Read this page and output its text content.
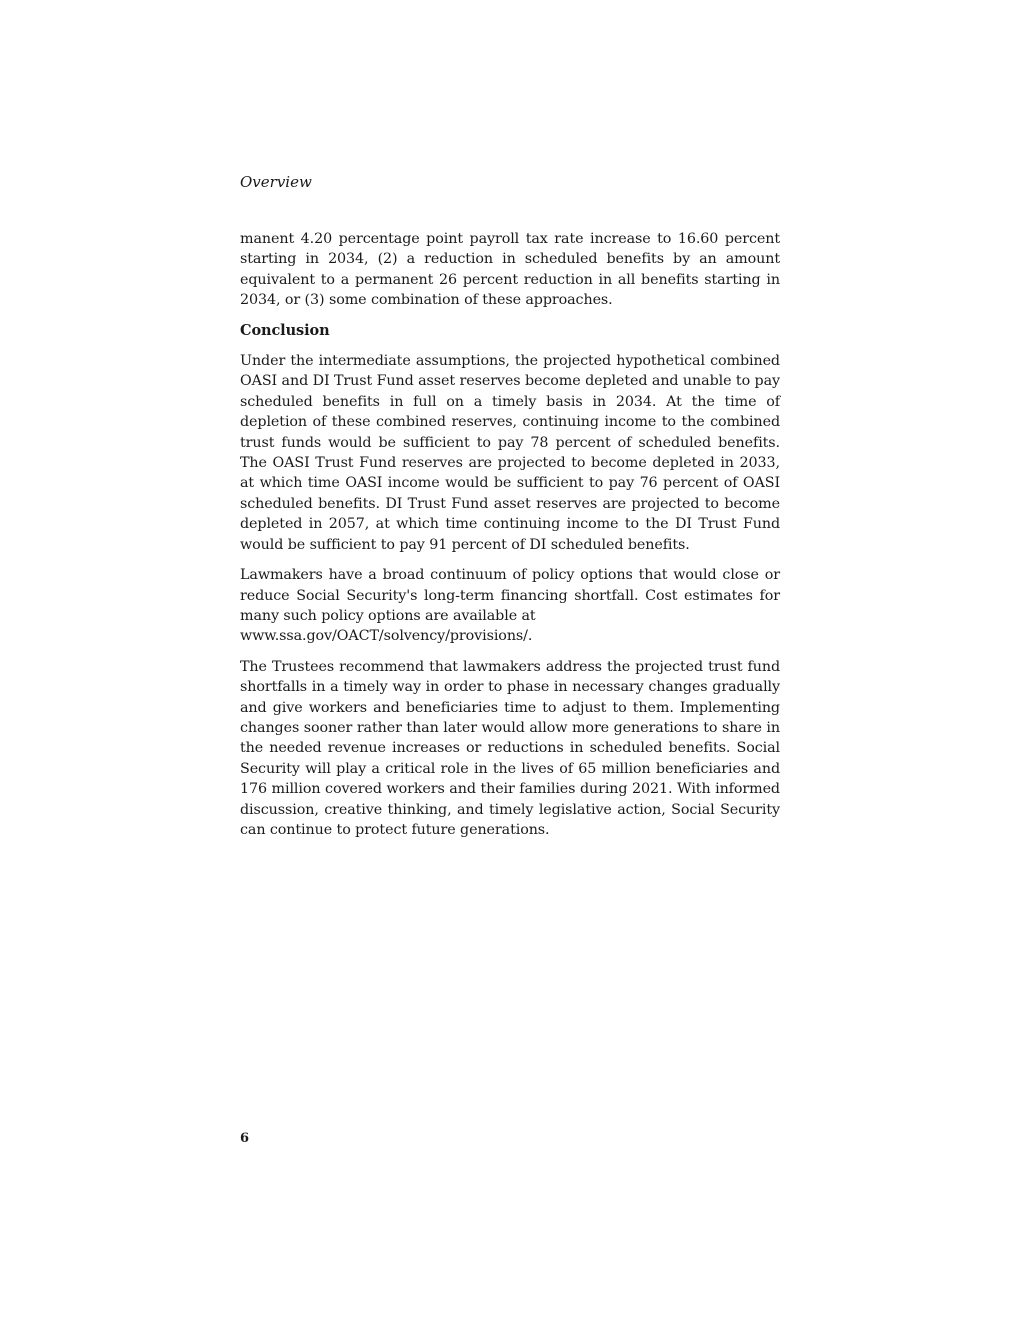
Overview

manent 4.20 percentage point payroll tax rate increase to 16.60 percent starting in 2034, (2) a reduction in scheduled benefits by an amount equivalent to a permanent 26 percent reduction in all benefits starting in 2034, or (3) some combination of these approaches.

Conclusion

Under the intermediate assumptions, the projected hypothetical combined OASI and DI Trust Fund asset reserves become depleted and unable to pay scheduled benefits in full on a timely basis in 2034. At the time of depletion of these combined reserves, continuing income to the combined trust funds would be sufficient to pay 78 percent of scheduled benefits. The OASI Trust Fund reserves are projected to become depleted in 2033, at which time OASI income would be sufficient to pay 76 percent of OASI scheduled benefits. DI Trust Fund asset reserves are projected to become depleted in 2057, at which time continuing income to the DI Trust Fund would be sufficient to pay 91 percent of DI scheduled benefits.

Lawmakers have a broad continuum of policy options that would close or reduce Social Security's long-term financing shortfall. Cost estimates for many such policy options are available at
www.ssa.gov/OACT/solvency/provisions/.

The Trustees recommend that lawmakers address the projected trust fund shortfalls in a timely way in order to phase in necessary changes gradually and give workers and beneficiaries time to adjust to them. Implementing changes sooner rather than later would allow more generations to share in the needed revenue increases or reductions in scheduled benefits. Social Security will play a critical role in the lives of 65 million beneficiaries and 176 million covered workers and their families during 2021. With informed discussion, creative thinking, and timely legislative action, Social Security can continue to protect future generations.

6
